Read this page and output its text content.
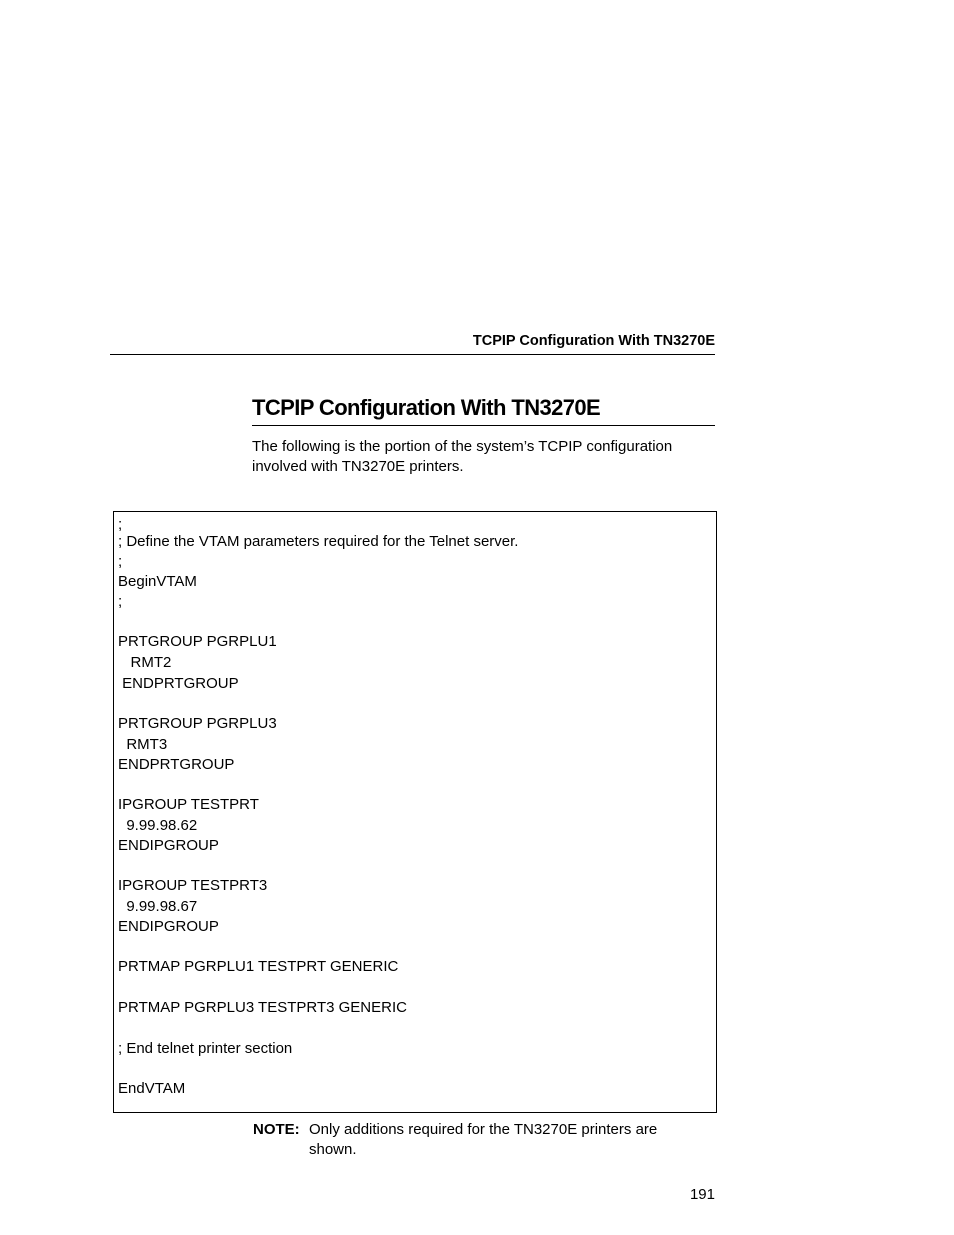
TCPIP Configuration With TN3270E
TCPIP Configuration With TN3270E
The following is the portion of the system’s TCPIP configuration
involved with TN3270E printers.
;
; Define the VTAM parameters required for the Telnet server.
;
BeginVTAM
;
PRTGROUP PGRPLU1
RMT2
ENDPRTGROUP
PRTGROUP PGRPLU3
RMT3
ENDPRTGROUP
IPGROUP TESTPRT
9.99.98.62
ENDIPGROUP
IPGROUP TESTPRT3
9.99.98.67
ENDIPGROUP
PRTMAP PGRPLU1 TESTPRT GENERIC
PRTMAP PGRPLU3 TESTPRT3 GENERIC
; End telnet printer section
EndVTAM
NOTE: Only additions required for the TN3270E printers are
shown.
191
